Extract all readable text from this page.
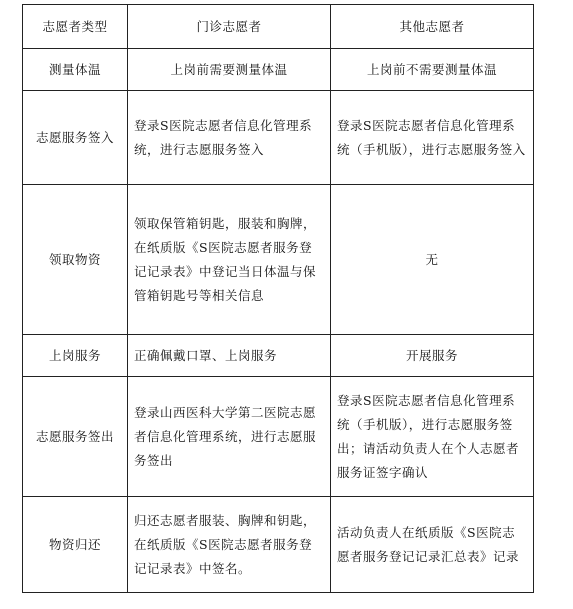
志愿者类型	门诊志愿者	其他志愿者
测量体温	上岗前需要测量体温	上岗前不需要测量体温
志愿服务签入	登录S医院志愿者信息化管理系统，进行志愿服务签入	登录S医院志愿者信息化管理系统（手机版），进行志愿服务签入
领取物资	领取保管箱钥匙，服装和胸牌，在纸质版《S医院志愿者服务登记记录表》中登记当日体温与保管箱钥匙号等相关信息	无
上岗服务	正确佩戴口罩、上岗服务	开展服务
志愿服务签出	登录山西医科大学第二医院志愿者信息化管理系统，进行志愿服务签出	登录S医院志愿者信息化管理系统（手机版），进行志愿服务签出；请活动负责人在个人志愿者服务证签字确认
物资归还	归还志愿者服装、胸牌和钥匙，在纸质版《S医院志愿者服务登记记录表》中签名。	活动负责人在纸质版《S医院志愿者服务登记记录汇总表》记录
